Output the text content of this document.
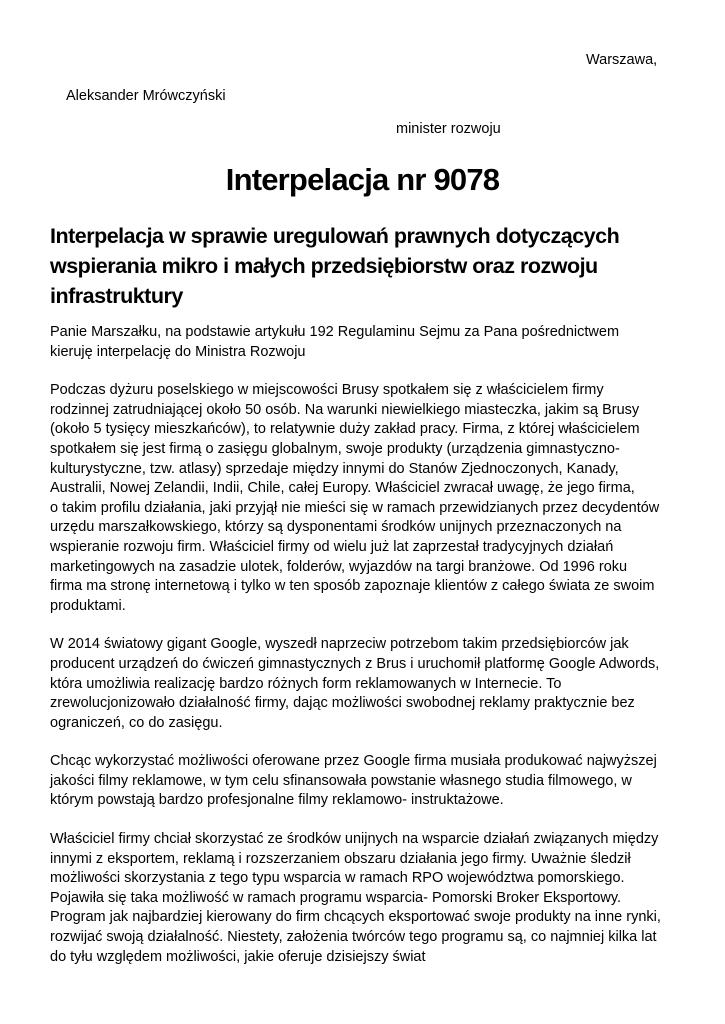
Warszawa,
Aleksander Mrówczyński
minister rozwoju
Interpelacja nr 9078
Interpelacja w sprawie uregulowań prawnych dotyczących
wspierania mikro i małych przedsiębiorstw oraz rozwoju
infrastruktury

Panie Marszałku, na podstawie artykułu 192 Regulaminu Sejmu za Pana pośrednictwem
kieruję interpelację do Ministra Rozwoju

Podczas dyżuru poselskiego w miejscowości Brusy spotkałem się z właścicielem firmy
rodzinnej zatrudniającej około 50 osób. Na warunki niewielkiego miasteczka, jakim są Brusy
(około 5 tysięcy mieszkańców), to relatywnie duży zakład pracy. Firma, z której właścicielem
spotkałem się jest firmą o zasięgu globalnym, swoje produkty (urządzenia gimnastyczno-
kulturystyczne, tzw. atlasy) sprzedaje między innymi do Stanów Zjednoczonych, Kanady,
Australii, Nowej Zelandii, Indii, Chile, całej Europy. Właściciel zwracał uwagę, że jego firma,
o takim profilu działania, jaki przyjął nie mieści się w ramach przewidzianych przez decydentów
urzędu marszałkowskiego, którzy są dysponentami środków unijnych przeznaczonych na
wspieranie rozwoju firm. Właściciel firmy od wielu już lat zaprzestał tradycyjnych działań
marketingowych na zasadzie ulotek, folderów, wyjazdów na targi branżowe. Od 1996 roku
firma ma stronę internetową i tylko w ten sposób zapoznaje klientów z całego świata ze swoim
produktami.

W 2014 światowy gigant Google, wyszedł naprzeciw potrzebom takim przedsiębiorców jak
producent urządzeń do ćwiczeń gimnastycznych z Brus i uruchomił platformę Google Adwords,
która umożliwia realizację bardzo różnych form reklamowanych w Internecie. To
zrewolucjonizowało działalność firmy, dając możliwości swobodnej reklamy praktycznie bez
ograniczeń, co do zasięgu.

Chcąc wykorzystać możliwości oferowane przez Google firma musiała produkować najwyższej
jakości filmy reklamowe, w tym celu sfinansowała powstanie własnego studia filmowego, w
którym powstają bardzo profesjonalne filmy reklamowo- instruktażowe.

Właściciel firmy chciał skorzystać ze środków unijnych na wsparcie działań związanych między
innymi z eksportem, reklamą i rozszerzaniem obszaru działania jego firmy. Uważnie śledził
możliwości skorzystania z tego typu wsparcia w ramach RPO województwa pomorskiego.
Pojawiła się taka możliwość w ramach programu wsparcia- Pomorski Broker Eksportowy.
Program jak najbardziej kierowany do firm chcących eksportować swoje produkty na inne rynki,
rozwijać swoją działalność. Niestety, założenia twórców tego programu są, co najmniej kilka lat
do tyłu względem możliwości, jakie oferuje dzisiejszy świat
